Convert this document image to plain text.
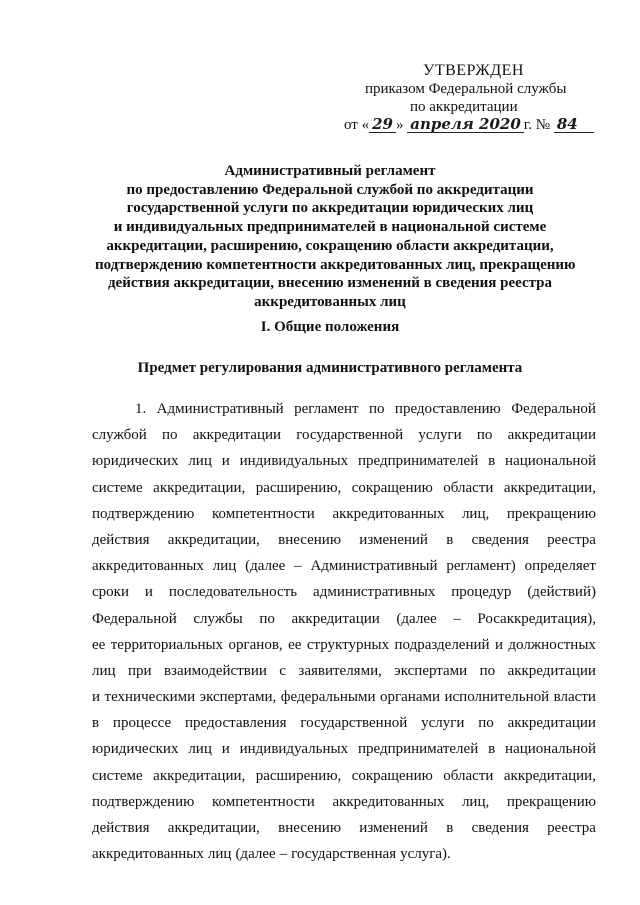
УТВЕРЖДЕН
приказом Федеральной службы
по аккредитации
от « 29 » апреля 2020 г. № 84
Административный регламент
по предоставлению Федеральной службой по аккредитации
государственной услуги по аккредитации юридических лиц
и индивидуальных предпринимателей в национальной системе
аккредитации, расширению, сокращению области аккредитации,
подтверждению компетентности аккредитованных лиц, прекращению
действия аккредитации, внесению изменений в сведения реестра
аккредитованных лиц
I. Общие положения
Предмет регулирования административного регламента
1. Административный регламент по предоставлению Федеральной
службой по аккредитации государственной услуги по аккредитации
юридических лиц и индивидуальных предпринимателей в национальной
системе аккредитации, расширению, сокращению области аккредитации,
подтверждению компетентности аккредитованных лиц, прекращению
действия аккредитации, внесению изменений в сведения реестра
аккредитованных лиц (далее – Административный регламент) определяет
сроки и последовательность административных процедур (действий)
Федеральной службы по аккредитации (далее – Росаккредитация),
ее территориальных органов, ее структурных подразделений и должностных
лиц при взаимодействии с заявителями, экспертами по аккредитации
и техническими экспертами, федеральными органами исполнительной власти
в процессе предоставления государственной услуги по аккредитации
юридических лиц и индивидуальных предпринимателей в национальной
системе аккредитации, расширению, сокращению области аккредитации,
подтверждению компетентности аккредитованных лиц, прекращению
действия аккредитации, внесению изменений в сведения реестра
аккредитованных лиц (далее – государственная услуга).
